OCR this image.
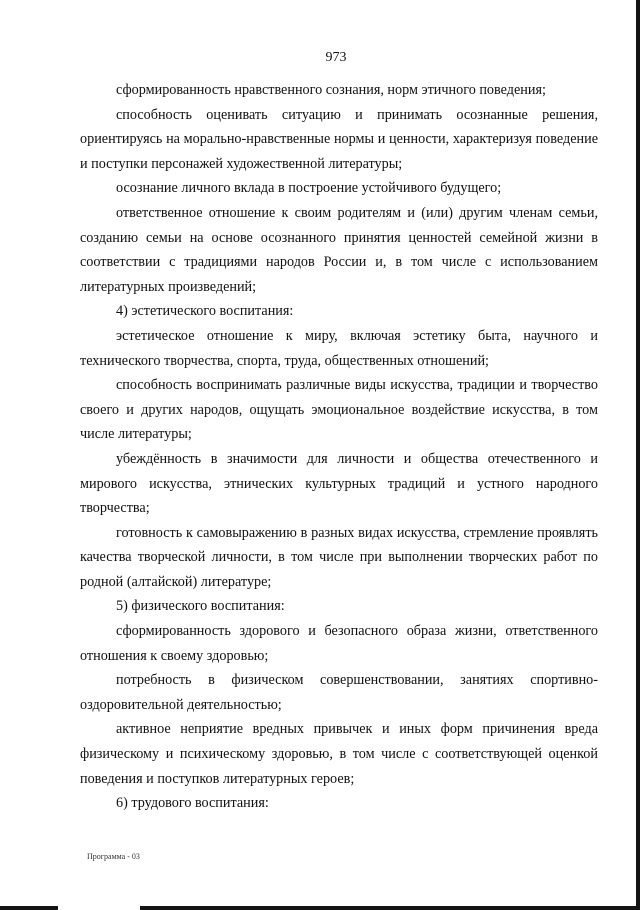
973

сформированность нравственного сознания, норм этичного поведения;

способность оценивать ситуацию и принимать осознанные решения, ориентируясь на морально-нравственные нормы и ценности, характеризуя поведение и поступки персонажей художественной литературы;

осознание личного вклада в построение устойчивого будущего;

ответственное отношение к своим родителям и (или) другим членам семьи, созданию семьи на основе осознанного принятия ценностей семейной жизни в соответствии с традициями народов России и, в том числе с использованием литературных произведений;

4) эстетического воспитания:

эстетическое отношение к миру, включая эстетику быта, научного и технического творчества, спорта, труда, общественных отношений;

способность воспринимать различные виды искусства, традиции и творчество своего и других народов, ощущать эмоциональное воздействие искусства, в том числе литературы;

убеждённость в значимости для личности и общества отечественного и мирового искусства, этнических культурных традиций и устного народного творчества;

готовность к самовыражению в разных видах искусства, стремление проявлять качества творческой личности, в том числе при выполнении творческих работ по родной (алтайской) литературе;

5) физического воспитания:

сформированность здорового и безопасного образа жизни, ответственного отношения к своему здоровью;

потребность в физическом совершенствовании, занятиях спортивно-оздоровительной деятельностью;

активное неприятие вредных привычек и иных форм причинения вреда физическому и психическому здоровью, в том числе с соответствующей оценкой поведения и поступков литературных героев;

6) трудового воспитания:

Программа - 03
